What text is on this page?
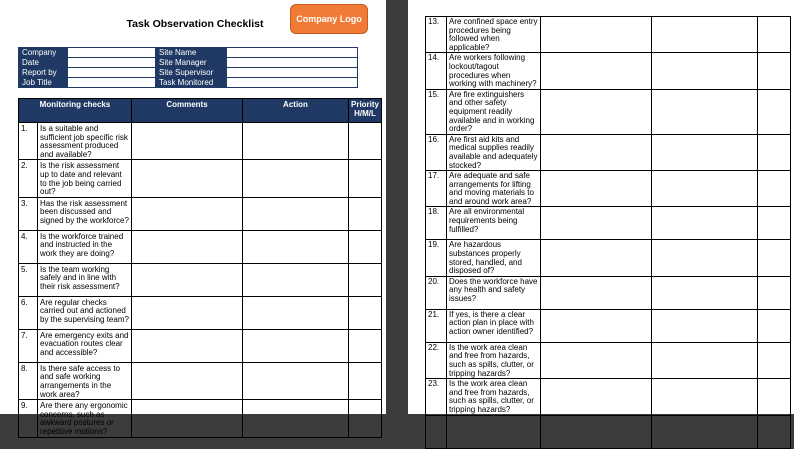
Task Observation Checklist	Company Logo
Company		Site Name	
Date		Site Manager	
Report by		Site Supervisor	
Job Title		Task Monitored	
Monitoring checks		Comments	Action	Priority H/M/L
1.	Is a suitable and sufficient job specific risk assessment produced and available?			
2.	Is the risk assessment up to date and relevant to the job being carried out?			
3.	Has the risk assessment been discussed and signed by the workforce?			
4.	Is the workforce trained and instructed in the work they are doing?			
5.	Is the team working safely and in line with their risk assessment?			
6.	Are regular checks carried out and actioned by the supervising team?			
7.	Are emergency exits and evacuation routes clear and accessible?			
8.	Is there safe access to and safe working arrangements in the work area?			
9.	Are there any ergonomic concerns, such as awkward postures or repetitive motions?			
13.	Are confined space entry procedures being followed when applicable?			
14.	Are workers following lockout/tagout procedures when working with machinery?			
15.	Are fire extinguishers and other safety equipment readily available and in working order?			
16.	Are first aid kits and medical supplies readily available and adequately stocked?			
17.	Are adequate and safe arrangements for lifting and moving materials to and around work area?			
18.	Are all environmental requirements being fulfilled?			
19.	Are hazardous substances properly stored, handled, and disposed of?			
20.	Does the workforce have any health and safety issues?			
21.	If yes, is there a clear action plan in place with action owner identified?			
22.	Is the work area clean and free from hazards, such as spills, clutter, or tripping hazards?			
23.	Is the work area clean and free from hazards, such as spills, clutter, or tripping hazards?			
